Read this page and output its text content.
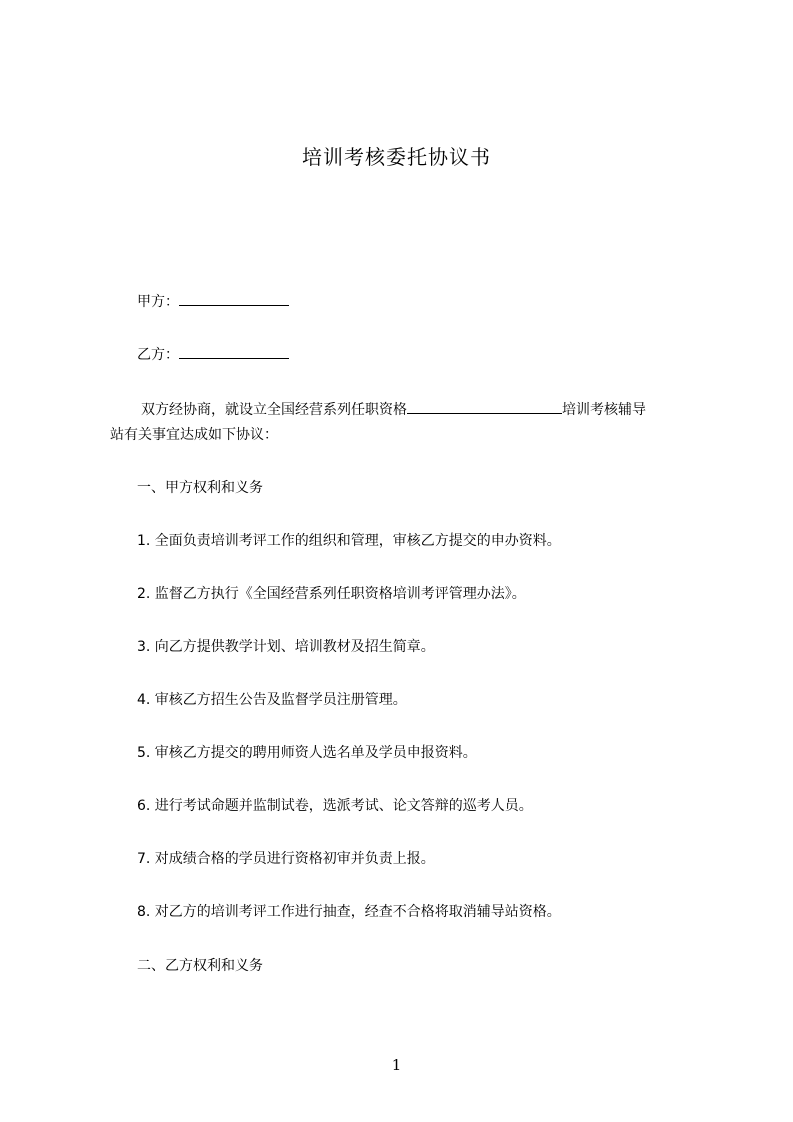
培训考核委托协议书
甲方：
乙方：
双方经协商，就设立全国经营系列任职资格	培训考核辅导
站有关事宜达成如下协议：
一、甲方权利和义务
1. 全面负责培训考评工作的组织和管理，审核乙方提交的申办资料。
2. 监督乙方执行《全国经营系列任职资格培训考评管理办法》。
3. 向乙方提供教学计划、培训教材及招生简章。
4. 审核乙方招生公告及监督学员注册管理。
5. 审核乙方提交的聘用师资人选名单及学员申报资料。
6. 进行考试命题并监制试卷，选派考试、论文答辩的巡考人员。
7. 对成绩合格的学员进行资格初审并负责上报。
8. 对乙方的培训考评工作进行抽查，经查不合格将取消辅导站资格。
二、乙方权利和义务
1
